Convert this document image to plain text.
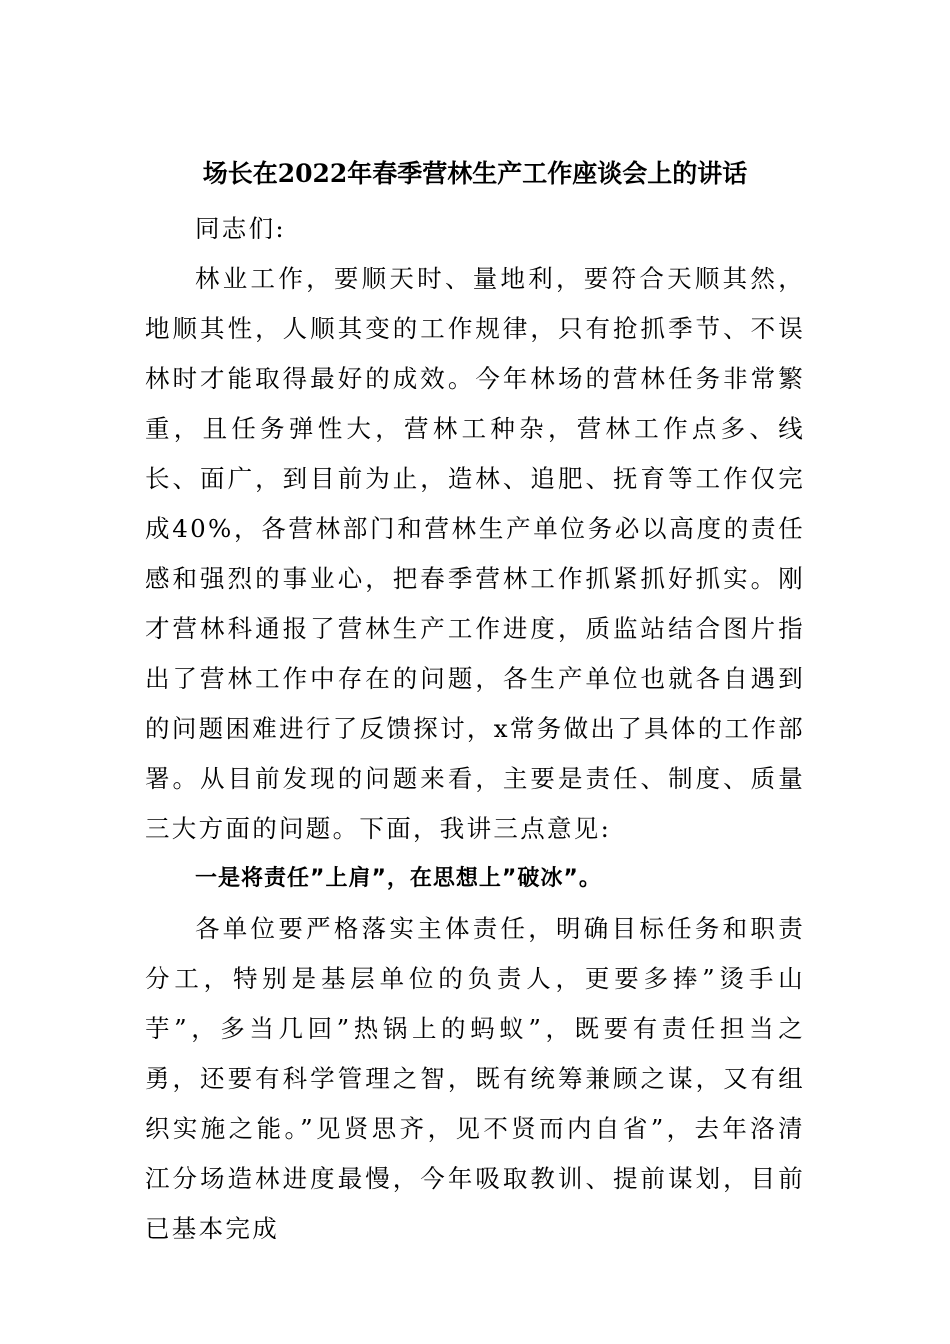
场长在2022年春季营林生产工作座谈会上的讲话

同志们:

林业工作，要顺天时、量地利，要符合天顺其然，地顺其性，人顺其变的工作规律，只有抢抓季节、不误林时才能取得最好的成效。今年林场的营林任务非常繁重，且任务弹性大，营林工种杂，营林工作点多、线长、面广，到目前为止，造林、追肥、抚育等工作仅完成40%，各营林部门和营林生产单位务必以高度的责任感和强烈的事业心，把春季营林工作抓紧抓好抓实。刚才营林科通报了营林生产工作进度，质监站结合图片指出了营林工作中存在的问题，各生产单位也就各自遇到的问题困难进行了反馈探讨，x常务做出了具体的工作部署。从目前发现的问题来看，主要是责任、制度、质量三大方面的问题。下面，我讲三点意见:

一是将责任”上肩”，在思想上”破冰”。

各单位要严格落实主体责任，明确目标任务和职责分工，特别是基层单位的负责人，更要多捧”烫手山芋”，多当几回”热锅上的蚂蚁”，既要有责任担当之勇，还要有科学管理之智，既有统筹兼顾之谋，又有组织实施之能。”见贤思齐，见不贤而内自省”，去年洛清江分场造林进度最慢，今年吸取教训、提前谋划，目前已基本完成
